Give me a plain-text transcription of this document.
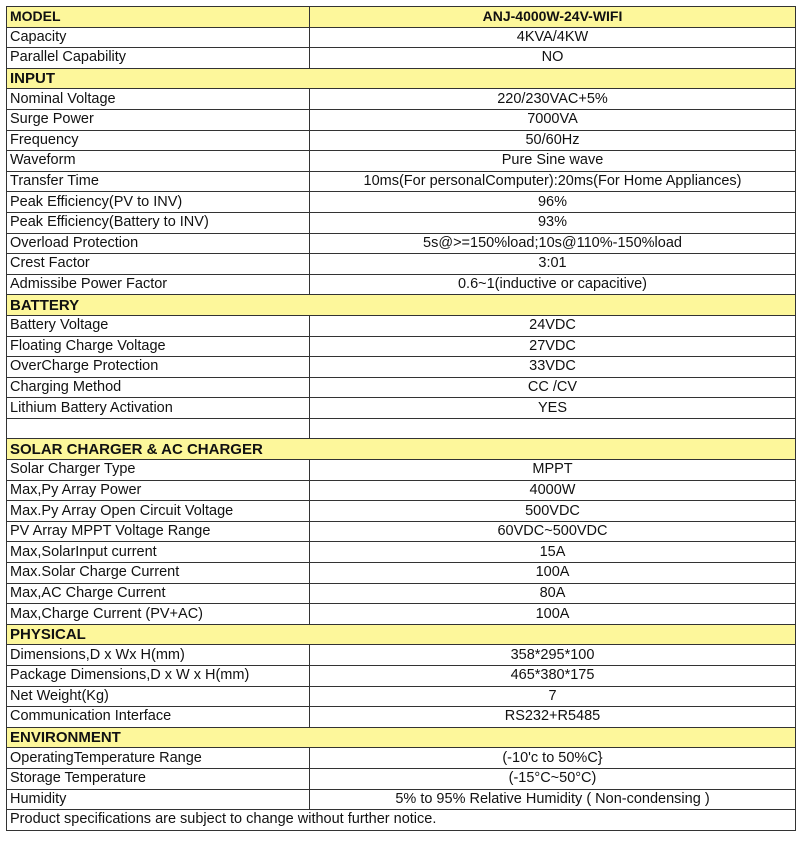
MODEL	ANJ-4000W-24V-WIFI
Capacity	4KVA/4KW
Parallel Capability	NO
INPUT	
Nominal Voltage	220/230VAC+5%
Surge Power	7000VA
Frequency	50/60Hz
Waveform	Pure Sine wave
Transfer Time	10ms(For personalComputer):20ms(For Home Appliances)
Peak Efficiency(PV to INV)	96%
Peak Efficiency(Battery to INV)	93%
Overload Protection	5s@>=150%load;10s@110%-150%load
Crest Factor	3:01
Admissibe Power Factor	0.6~1(inductive or capacitive)
BATTERY	
Battery Voltage	24VDC
Floating Charge Voltage	27VDC
OverCharge Protection	33VDC
Charging Method	CC /CV
Lithium Battery Activation	YES

SOLAR CHARGER & AC CHARGER	
Solar Charger Type	MPPT
Max,Py Array Power	4000W
Max.Py Array Open Circuit Voltage	500VDC
PV Array MPPT Voltage Range	60VDC~500VDC
Max,SolarInput current	15A
Max.Solar Charge Current	100A
Max,AC Charge Current	80A
Max,Charge Current (PV+AC)	100A
PHYSICAL	
Dimensions,D x Wx H(mm)	358*295*100
Package Dimensions,D x W x H(mm)	465*380*175
Net Weight(Kg)	7
Communication Interface	RS232+R5485
ENVIRONMENT	
OperatingTemperature Range	(-10'c to 50%C}
Storage Temperature	(-15°C~50°C)
Humidity	5% to 95% Relative Humidity ( Non-condensing )
Product specifications are subject to change without further notice.	
